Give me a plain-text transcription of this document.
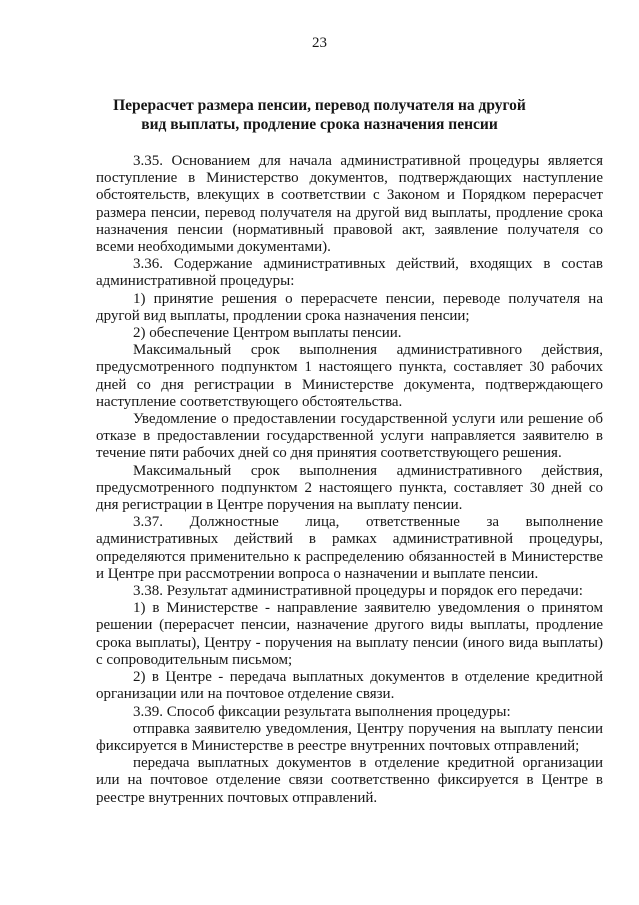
23
Перерасчет размера пенсии, перевод получателя на другой
вид выплаты, продление срока назначения пенсии

3.35. Основанием для начала административной процедуры является поступление в Министерство документов, подтверждающих наступление обстоятельств, влекущих в соответствии с Законом и Порядком перерасчет размера пенсии, перевод получателя на другой вид выплаты, продление срока назначения пенсии (нормативный правовой акт, заявление получателя со всеми необходимыми документами).

3.36. Содержание административных действий, входящих в состав административной процедуры:

1) принятие решения о перерасчете пенсии, переводе получателя на другой вид выплаты, продлении срока назначения пенсии;

2) обеспечение Центром выплаты пенсии.

Максимальный срок выполнения административного действия, предусмотренного подпунктом 1 настоящего пункта, составляет 30 рабочих дней со дня регистрации в Министерстве документа, подтверждающего наступление соответствующего обстоятельства.

Уведомление о предоставлении государственной услуги или решение об отказе в предоставлении государственной услуги направляется заявителю в течение пяти рабочих дней со дня принятия соответствующего решения.

Максимальный срок выполнения административного действия, предусмотренного подпунктом 2 настоящего пункта, составляет 30 дней со дня регистрации в Центре поручения на выплату пенсии.

3.37. Должностные лица, ответственные за выполнение административных действий в рамках административной процедуры, определяются применительно к распределению обязанностей в Министерстве и Центре при рассмотрении вопроса о назначении и выплате пенсии.

3.38. Результат административной процедуры и порядок его передачи:

1) в Министерстве - направление заявителю уведомления о принятом решении (перерасчет пенсии, назначение другого виды выплаты, продление срока выплаты), Центру - поручения на выплату пенсии (иного вида выплаты) с сопроводительным письмом;

2) в Центре - передача выплатных документов в отделение кредитной организации или на почтовое отделение связи.

3.39. Способ фиксации результата выполнения процедуры:

отправка заявителю уведомления, Центру поручения на выплату пенсии фиксируется в Министерстве в реестре внутренних почтовых отправлений;

передача выплатных документов в отделение кредитной организации или на почтовое отделение связи соответственно фиксируется в Центре в реестре внутренних почтовых отправлений.
